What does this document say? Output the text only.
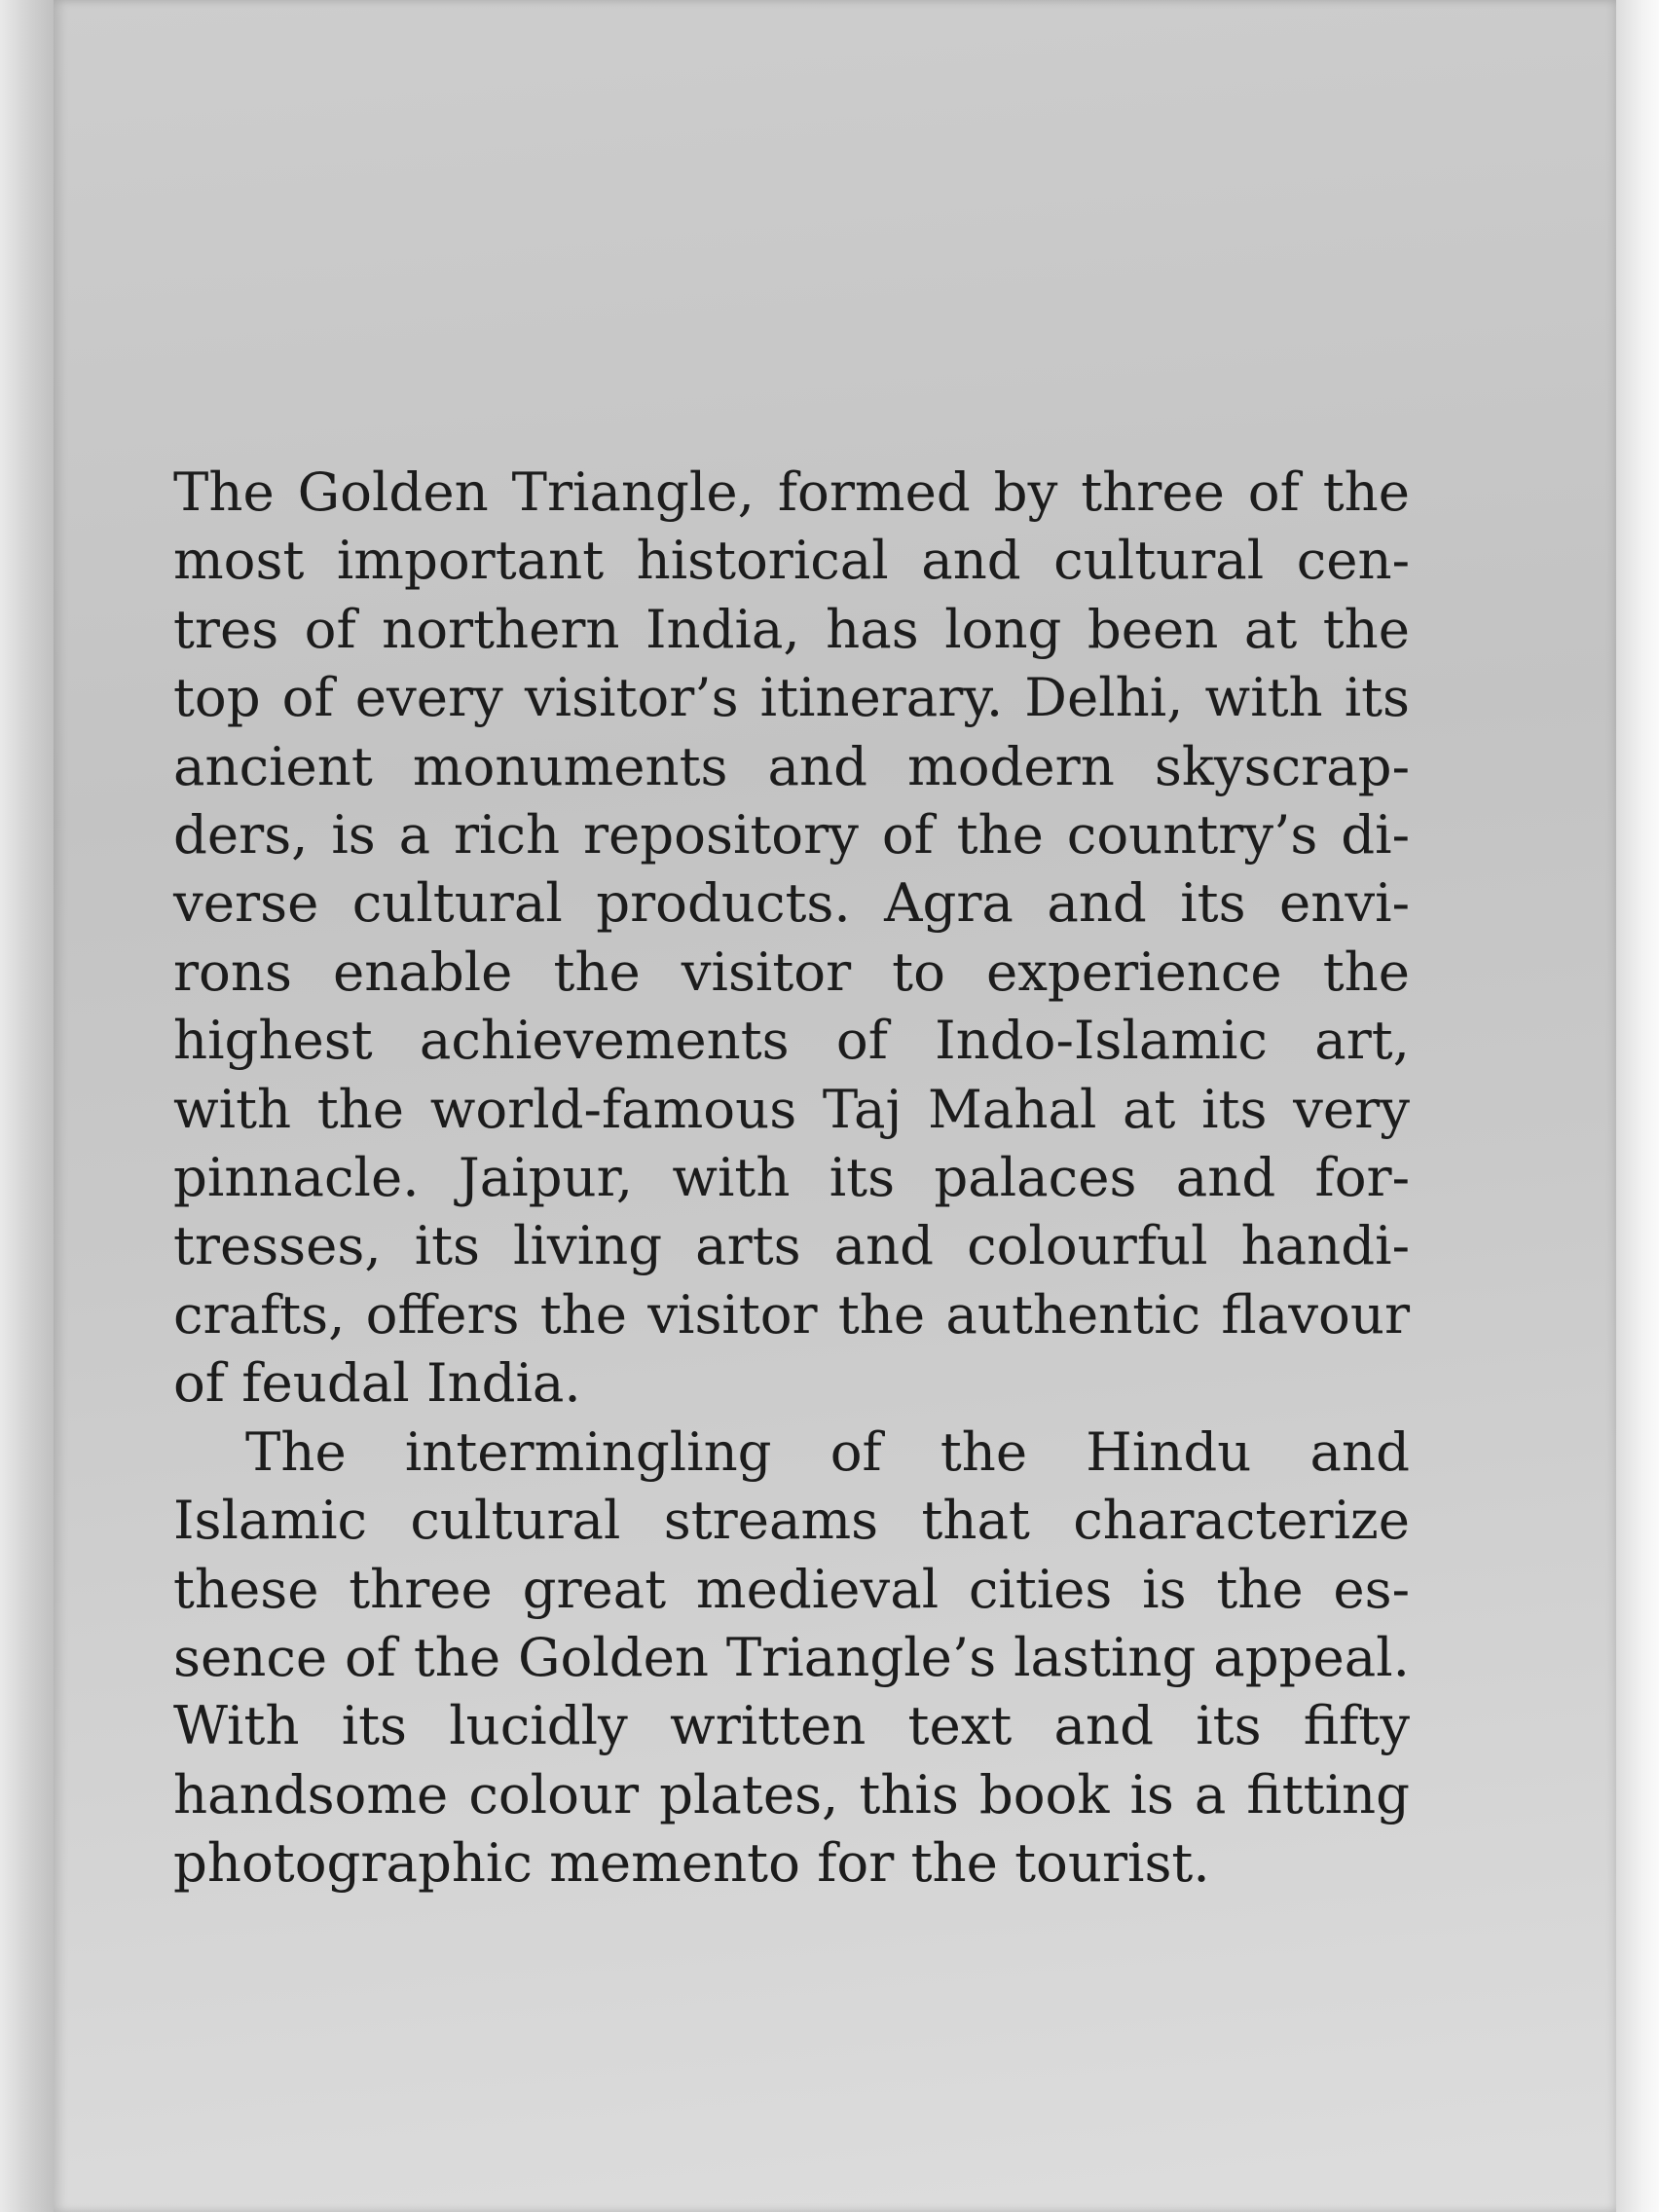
The Golden Triangle, formed by three of the most important historical and cultural centres of northern India, has long been at the top of every visitor’s itinerary. Delhi, with its ancient monuments and modern skyscrapders, is a rich repository of the country’s diverse cultural products. Agra and its environs enable the visitor to experience the highest achievements of Indo-Islamic art, with the world-famous Taj Mahal at its very pinnacle. Jaipur, with its palaces and fortresses, its living arts and colourful handicrafts, offers the visitor the authentic flavour of feudal India.

The intermingling of the Hindu and Islamic cultural streams that characterize these three great medieval cities is the essence of the Golden Triangle’s lasting appeal. With its lucidly written text and its fifty handsome colour plates, this book is a fitting photographic memento for the tourist.
